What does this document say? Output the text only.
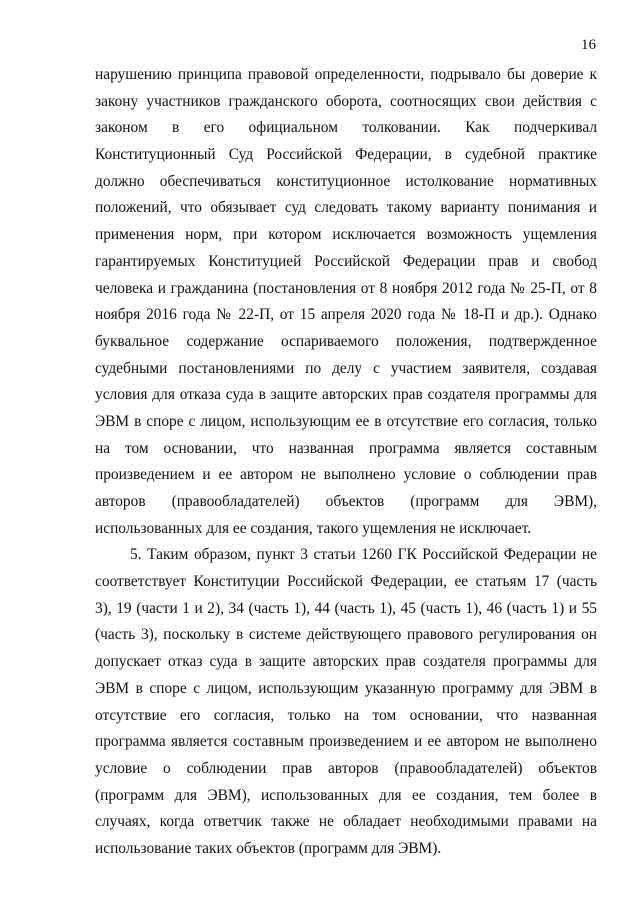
16
нарушению принципа правовой определенности, подрывало бы доверие к
закону участников гражданского оборота, соотносящих свои действия с
законом в его официальном толковании. Как подчеркивал
Конституционный Суд Российской Федерации, в судебной практике
должно обеспечиваться конституционное истолкование нормативных
положений, что обязывает суд следовать такому варианту понимания и
применения норм, при котором исключается возможность ущемления
гарантируемых Конституцией Российской Федерации прав и свобод
человека и гражданина (постановления от 8 ноября 2012 года № 25-П, от 8
ноября 2016 года № 22-П, от 15 апреля 2020 года № 18-П и др.). Однако
буквальное содержание оспариваемого положения, подтвержденное
судебными постановлениями по делу с участием заявителя, создавая
условия для отказа суда в защите авторских прав создателя программы для
ЭВМ в споре с лицом, использующим ее в отсутствие его согласия, только
на том основании, что названная программа является составным
произведением и ее автором не выполнено условие о соблюдении прав
авторов (правообладателей) объектов (программ для ЭВМ),
использованных для ее создания, такого ущемления не исключает.
5. Таким образом, пункт 3 статьи 1260 ГК Российской Федерации не
соответствует Конституции Российской Федерации, ее статьям 17 (часть
3), 19 (части 1 и 2), 34 (часть 1), 44 (часть 1), 45 (часть 1), 46 (часть 1) и 55
(часть 3), поскольку в системе действующего правового регулирования он
допускает отказ суда в защите авторских прав создателя программы для
ЭВМ в споре с лицом, использующим указанную программу для ЭВМ в
отсутствие его согласия, только на том основании, что названная
программа является составным произведением и ее автором не выполнено
условие о соблюдении прав авторов (правообладателей) объектов
(программ для ЭВМ), использованных для ее создания, тем более в
случаях, когда ответчик также не обладает необходимыми правами на
использование таких объектов (программ для ЭВМ).
